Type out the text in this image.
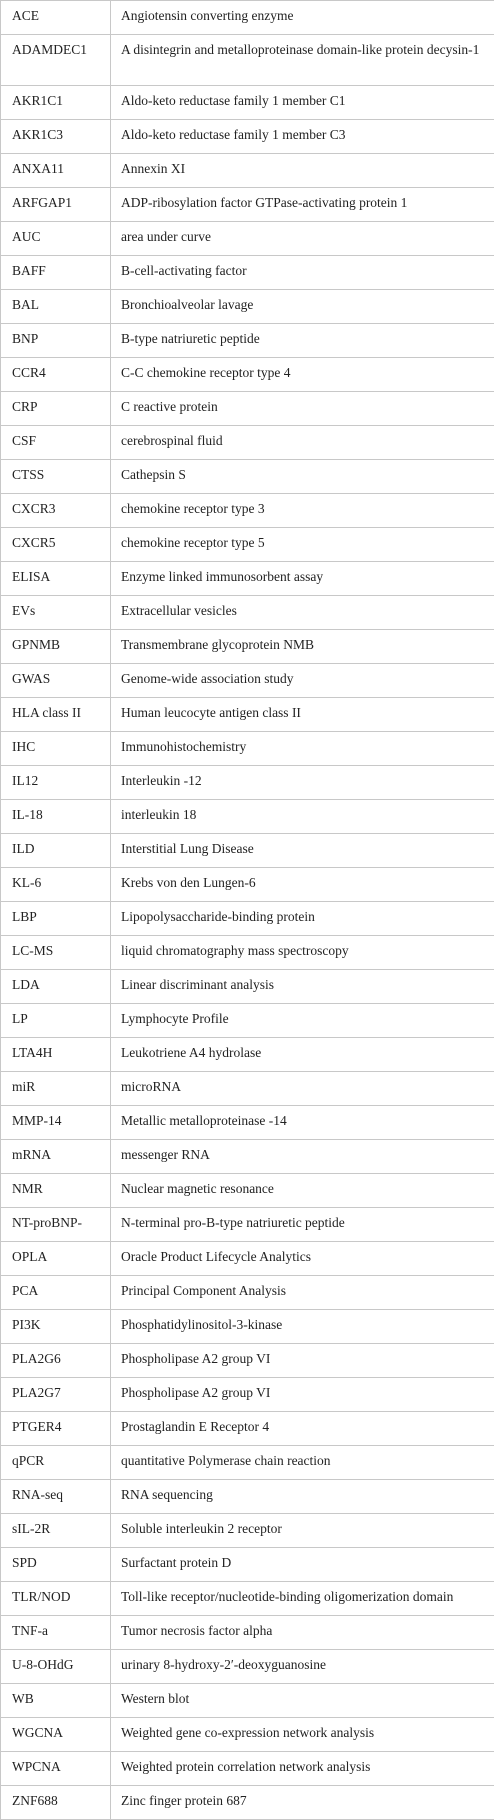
ACE	Angiotensin converting enzyme
ADAMDEC1	A disintegrin and metalloproteinase domain-like protein decysin-1
AKR1C1	Aldo-keto reductase family 1 member C1
AKR1C3	Aldo-keto reductase family 1 member C3
ANXA11	Annexin XI
ARFGAP1	ADP-ribosylation factor GTPase-activating protein 1
AUC	area under curve
BAFF	B-cell-activating factor
BAL	Bronchioalveolar lavage
BNP	B-type natriuretic peptide
CCR4	C-C chemokine receptor type 4
CRP	C reactive protein
CSF	cerebrospinal fluid
CTSS	Cathepsin S
CXCR3	chemokine receptor type 3
CXCR5	chemokine receptor type 5
ELISA	Enzyme linked immunosorbent assay
EVs	Extracellular vesicles
GPNMB	Transmembrane glycoprotein NMB
GWAS	Genome-wide association study
HLA class II	Human leucocyte antigen class II
IHC	Immunohistochemistry
IL12	Interleukin -12
IL-18	interleukin 18
ILD	Interstitial Lung Disease
KL-6	Krebs von den Lungen-6
LBP	Lipopolysaccharide-binding protein
LC-MS	liquid chromatography mass spectroscopy
LDA	Linear discriminant analysis
LP	Lymphocyte Profile
LTA4H	Leukotriene A4 hydrolase
miR	microRNA
MMP-14	Metallic metalloproteinase -14
mRNA	messenger RNA
NMR	Nuclear magnetic resonance
NT-proBNP-	N-terminal pro-B-type natriuretic peptide
OPLA	Oracle Product Lifecycle Analytics
PCA	Principal Component Analysis
PI3K	Phosphatidylinositol-3-kinase
PLA2G6	Phospholipase A2 group VI
PLA2G7	Phospholipase A2 group VI
PTGER4	Prostaglandin E Receptor 4
qPCR	quantitative Polymerase chain reaction
RNA-seq	RNA sequencing
sIL-2R	Soluble interleukin 2 receptor
SPD	Surfactant protein D
TLR/NOD	Toll-like receptor/nucleotide-binding oligomerization domain
TNF-a	Tumor necrosis factor alpha
U-8-OHdG	urinary 8-hydroxy-2′-deoxyguanosine
WB	Western blot
WGCNA	Weighted gene co-expression network analysis
WPCNA	Weighted protein correlation network analysis
ZNF688	Zinc finger protein 687
